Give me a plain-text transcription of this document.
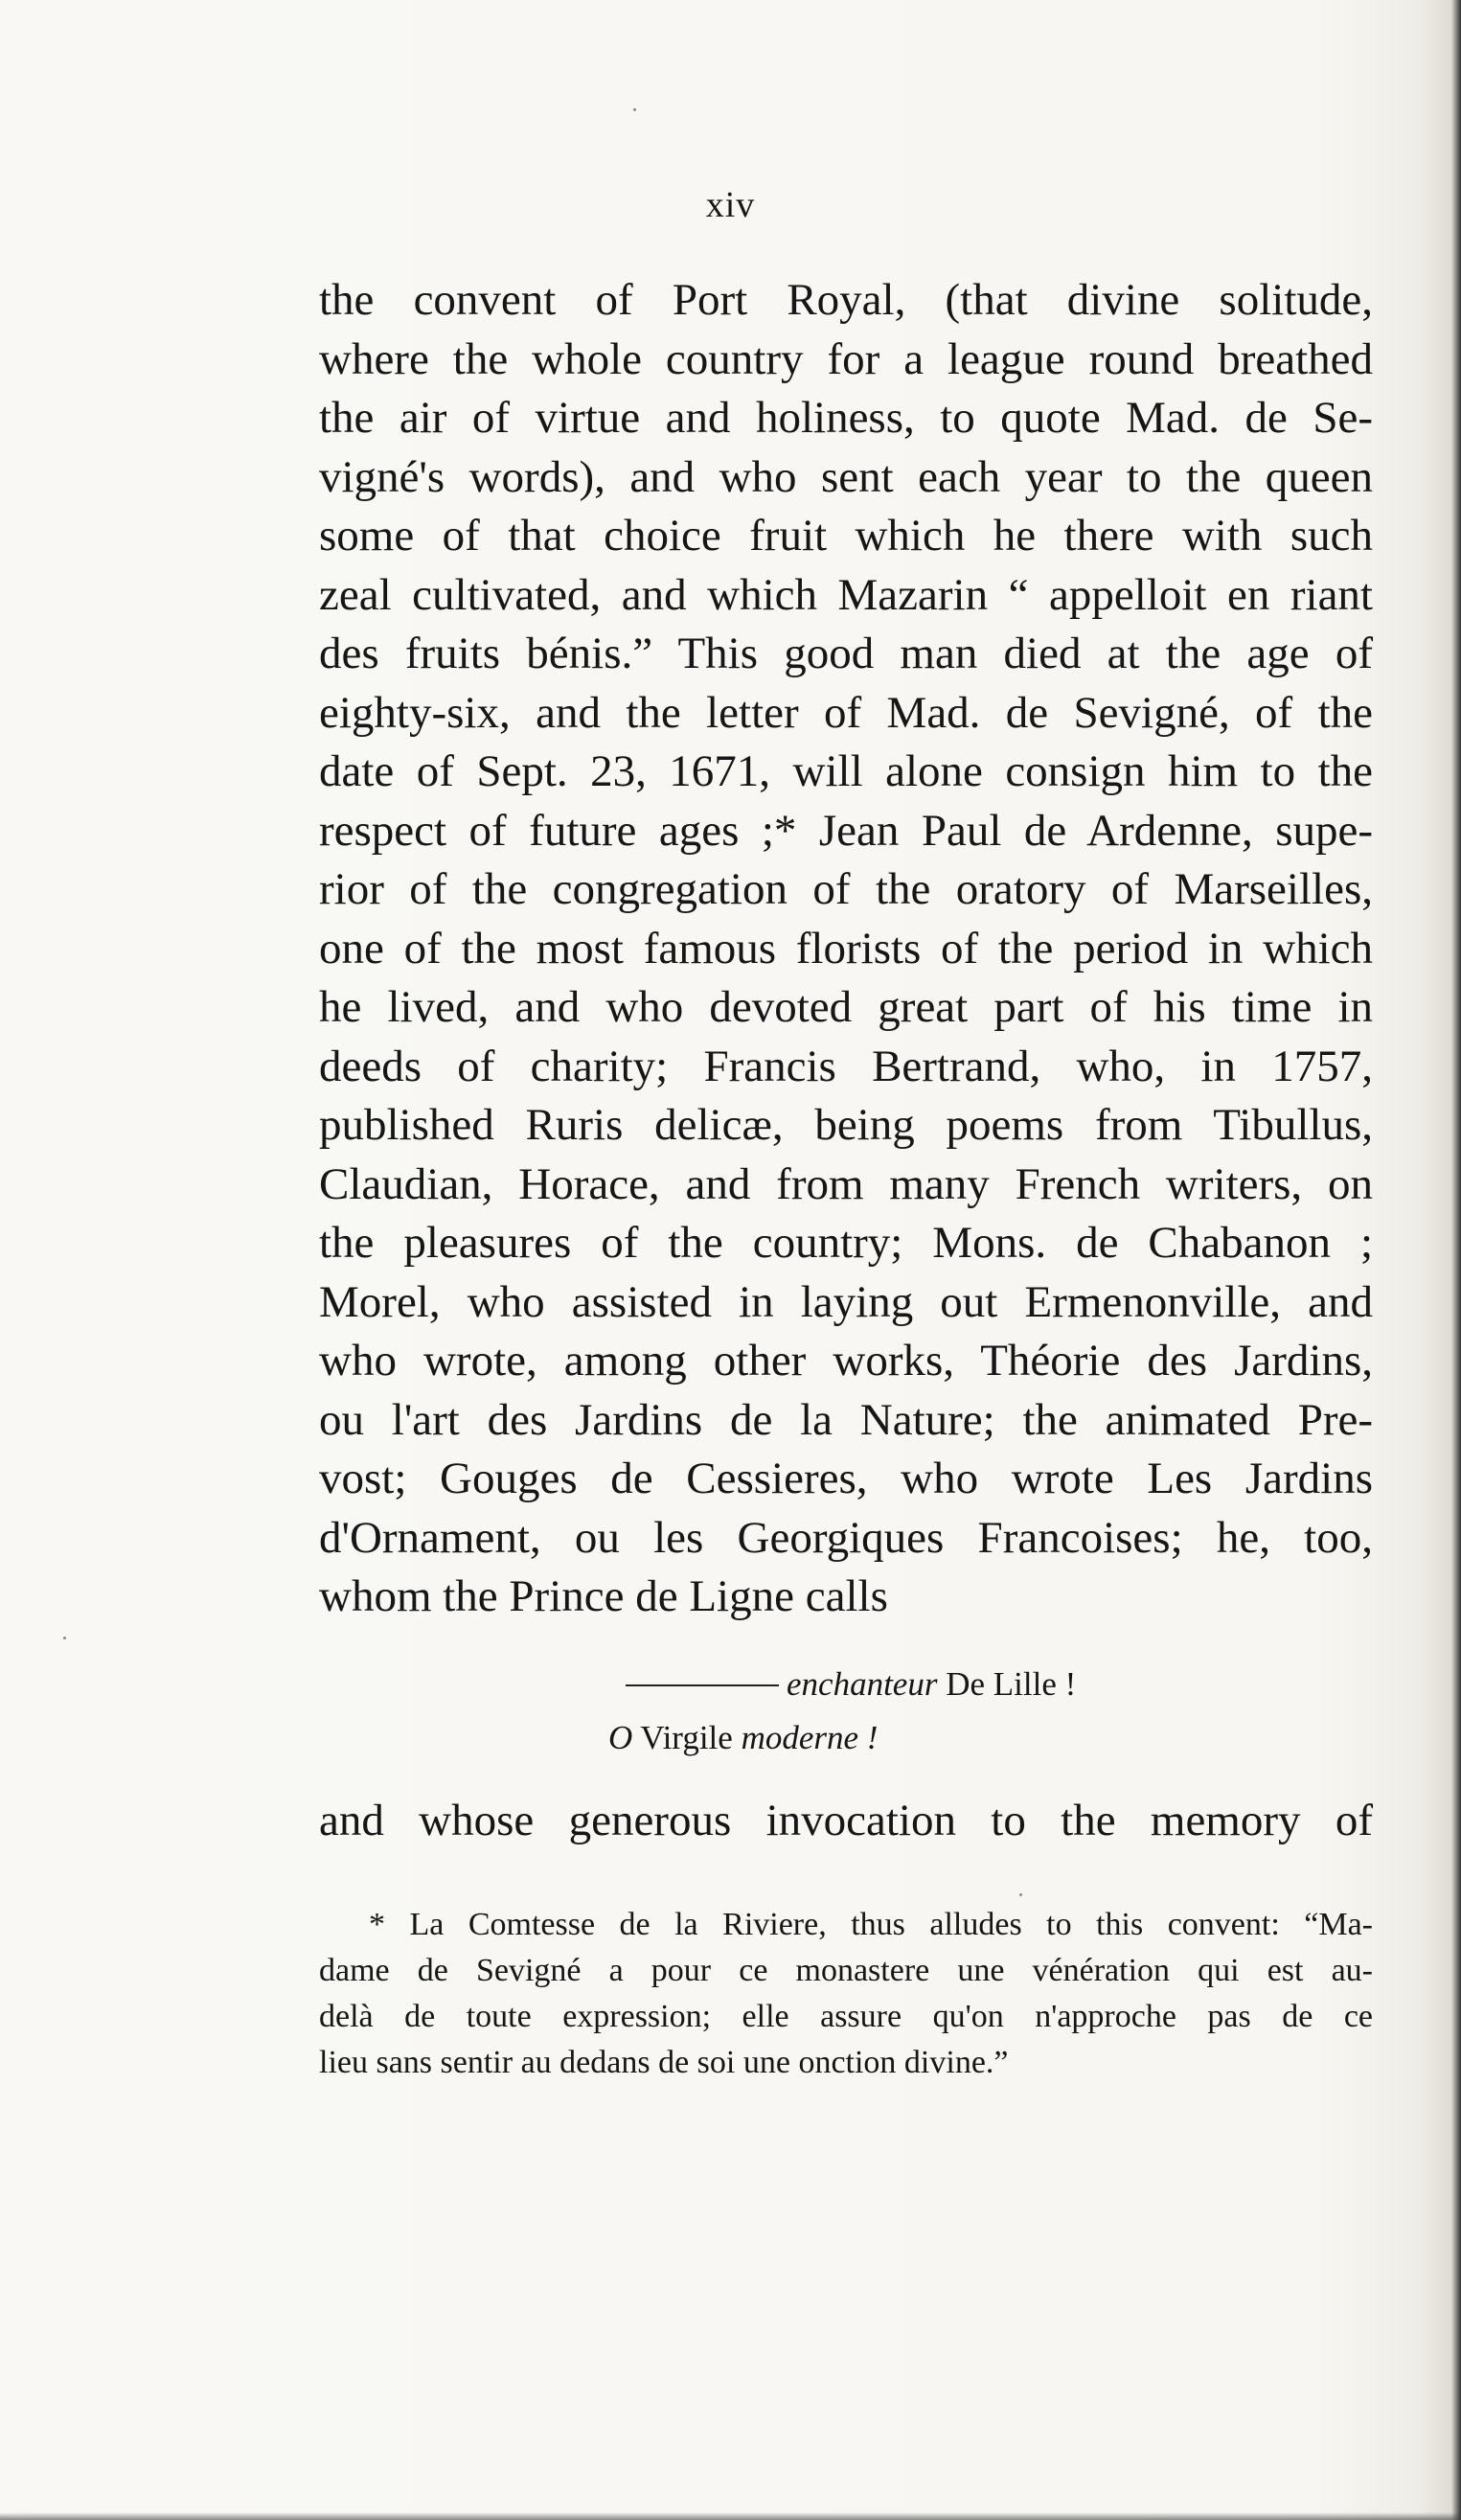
xiv
the convent of Port Royal, (that divine solitude,
where the whole country for a league round breathed
the air of virtue and holiness, to quote Mad. de Se-
vigné's words), and who sent each year to the queen
some of that choice fruit which he there with such
zeal cultivated, and which Mazarin “ appelloit en riant
des fruits bénis.” This good man died at the age of
eighty-six, and the letter of Mad. de Sevigné, of the
date of Sept. 23, 1671, will alone consign him to the
respect of future ages ;* Jean Paul de Ardenne, supe-
rior of the congregation of the oratory of Marseilles,
one of the most famous florists of the period in which
he lived, and who devoted great part of his time in
deeds of charity; Francis Bertrand, who, in 1757,
published Ruris delicæ, being poems from Tibullus,
Claudian, Horace, and from many French writers, on
the pleasures of the country; Mons. de Chabanon ;
Morel, who assisted in laying out Ermenonville, and
who wrote, among other works, Théorie des Jardins,
ou l'art des Jardins de la Nature; the animated Pre-
vost; Gouges de Cessieres, who wrote Les Jardins
d'Ornament, ou les Georgiques Francoises; he, too,
whom the Prince de Ligne calls
enchanteur De Lille !
O Virgile moderne !
and whose generous invocation to the memory of
* La Comtesse de la Riviere, thus alludes to this convent: “Ma-
dame de Sevigné a pour ce monastere une vénération qui est au-
delà de toute expression; elle assure qu'on n'approche pas de ce
lieu sans sentir au dedans de soi une onction divine.”
